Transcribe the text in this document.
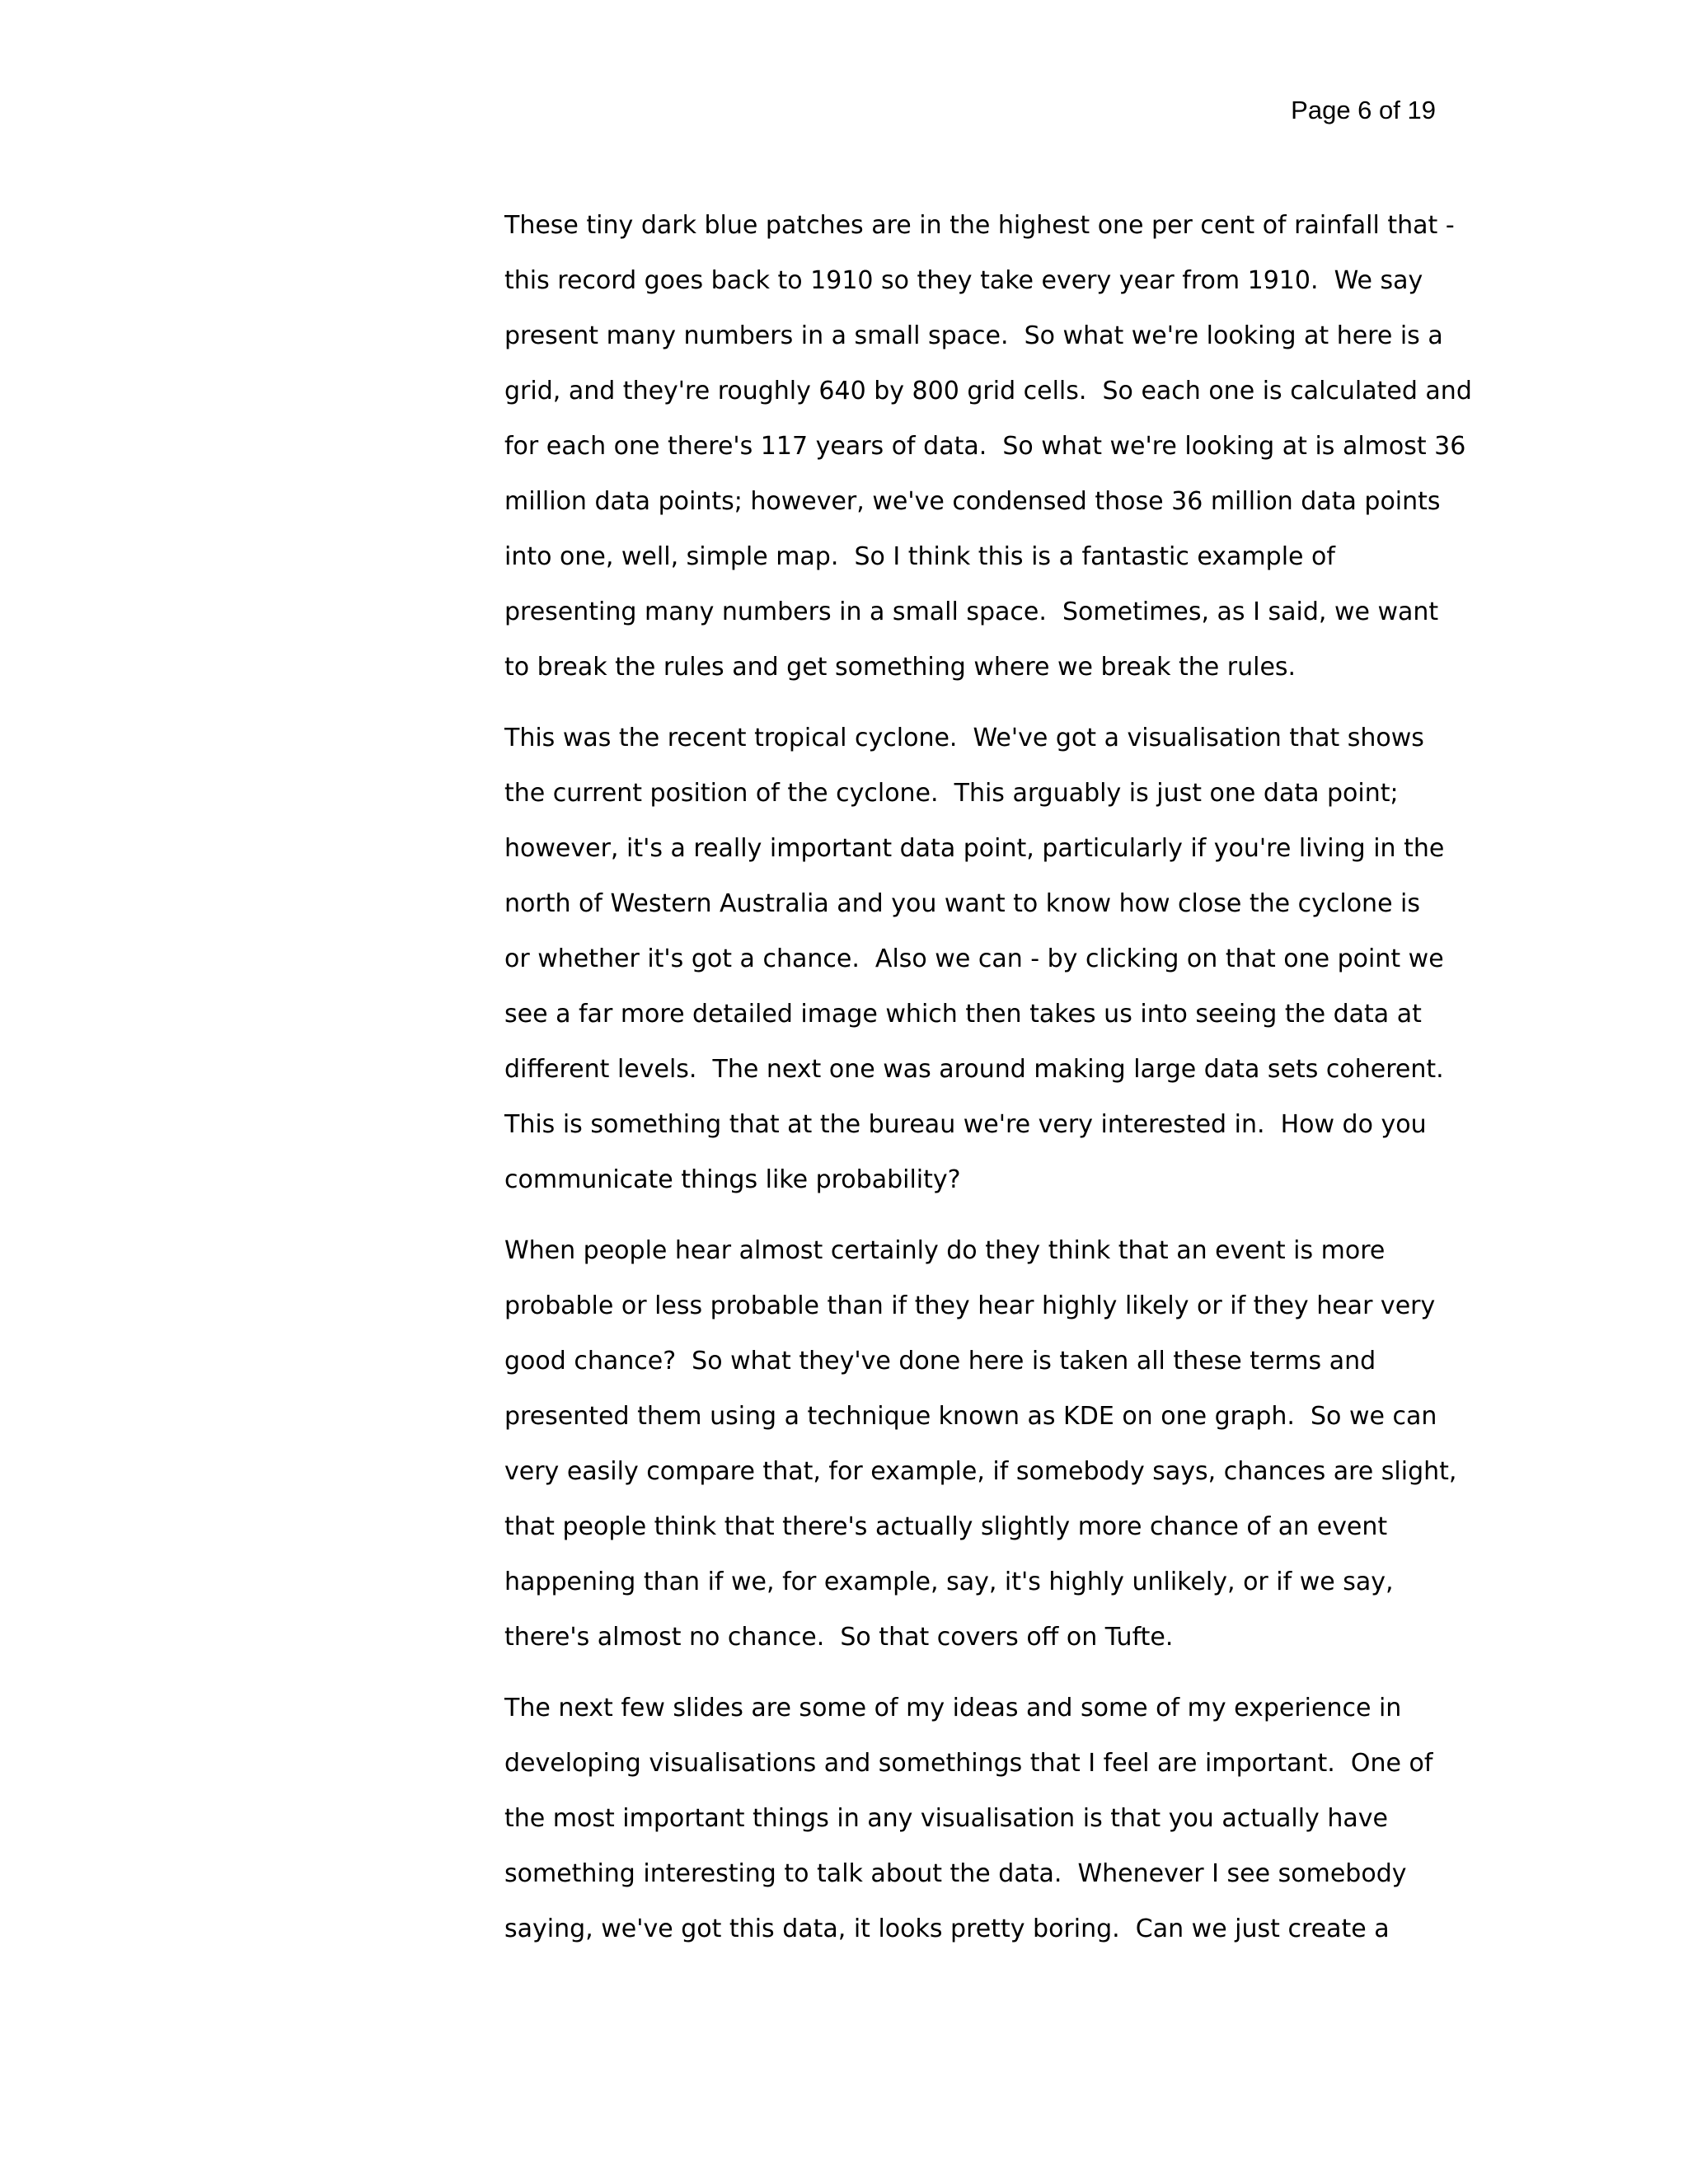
Page 6 of 19

These tiny dark blue patches are in the highest one per cent of rainfall that -
this record goes back to 1910 so they take every year from 1910.  We say
present many numbers in a small space.  So what we're looking at here is a
grid, and they're roughly 640 by 800 grid cells.  So each one is calculated and
for each one there's 117 years of data.  So what we're looking at is almost 36
million data points; however, we've condensed those 36 million data points
into one, well, simple map.  So I think this is a fantastic example of
presenting many numbers in a small space.  Sometimes, as I said, we want
to break the rules and get something where we break the rules.

This was the recent tropical cyclone.  We've got a visualisation that shows
the current position of the cyclone.  This arguably is just one data point;
however, it's a really important data point, particularly if you're living in the
north of Western Australia and you want to know how close the cyclone is
or whether it's got a chance.  Also we can - by clicking on that one point we
see a far more detailed image which then takes us into seeing the data at
different levels.  The next one was around making large data sets coherent.
This is something that at the bureau we're very interested in.  How do you
communicate things like probability?

When people hear almost certainly do they think that an event is more
probable or less probable than if they hear highly likely or if they hear very
good chance?  So what they've done here is taken all these terms and
presented them using a technique known as KDE on one graph.  So we can
very easily compare that, for example, if somebody says, chances are slight,
that people think that there's actually slightly more chance of an event
happening than if we, for example, say, it's highly unlikely, or if we say,
there's almost no chance.  So that covers off on Tufte.

The next few slides are some of my ideas and some of my experience in
developing visualisations and somethings that I feel are important.  One of
the most important things in any visualisation is that you actually have
something interesting to talk about the data.  Whenever I see somebody
saying, we've got this data, it looks pretty boring.  Can we just create a
